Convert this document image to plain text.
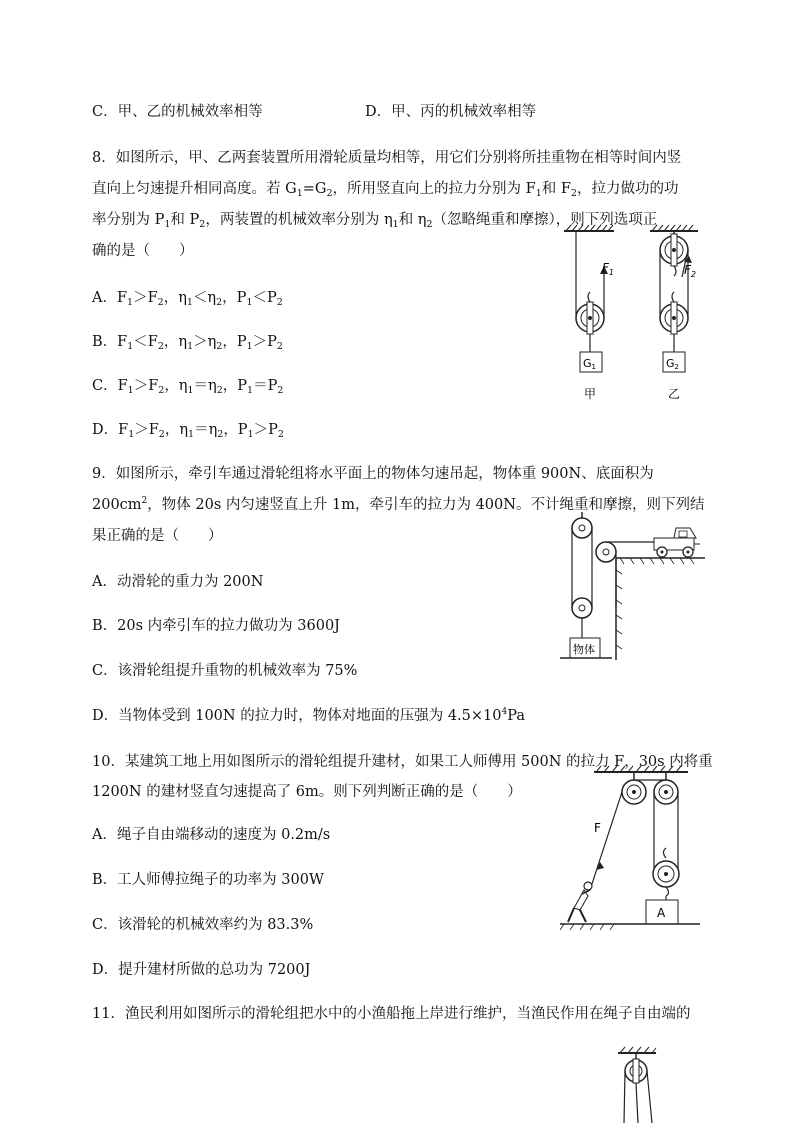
C．甲、乙的机械效率相等	D．甲、丙的机械效率相等
8．如图所示，甲、乙两套装置所用滑轮质量均相等，用它们分别将所挂重物在相等时间内竖
直向上匀速提升相同高度。若 $G_1=G_2$，所用竖直向上的拉力分别为 $F_1$和 $F_2$，拉力做功的功
率分别为 $P_1$和 $P_2$，两装置的机械效率分别为 $\eta_1$和 $\eta_2$（忽略绳重和摩擦），则下列选项正
确的是（　　）
A．$F_1>F_2$，$\eta_1<\eta_2$，$P_1<P_2$
B．$F_1<F_2$，$\eta_1>\eta_2$，$P_1>P_2$
C．$F_1>F_2$，$\eta_1=\eta_2$，$P_1=P_2$
D．$F_1>F_2$，$\eta_1=\eta_2$，$P_1>P_2$
$F_1$
G1
甲
$F_2$
G2
乙
9．如图所示，牵引车通过滑轮组将水平面上的物体匀速吊起，物体重 900N、底面积为
$200cm^2$，物体 20s 内匀速竖直上升 1m，牵引车的拉力为 400N。不计绳重和摩擦，则下列结
果正确的是（　　）
A．动滑轮的重力为 200N
B．20s 内牵引车的拉力做功为 3600J
C．该滑轮组提升重物的机械效率为 75%
D．当物体受到 100N 的拉力时，物体对地面的压强为 $4.5\times 10^4Pa$
物体
10．某建筑工地上用如图所示的滑轮组提升建材，如果工人师傅用 500N 的拉力 F，30s 内将重
1200N 的建材竖直匀速提高了 6m。则下列判断正确的是（　　）
A．绳子自由端移动的速度为 0.2m/s
B．工人师傅拉绳子的功率为 300W
C．该滑轮的机械效率约为 83.3%
D．提升建材所做的总功为 7200J
F
A
11．渔民利用如图所示的滑轮组把水中的小渔船拖上岸进行维护，当渔民作用在绳子自由端的
